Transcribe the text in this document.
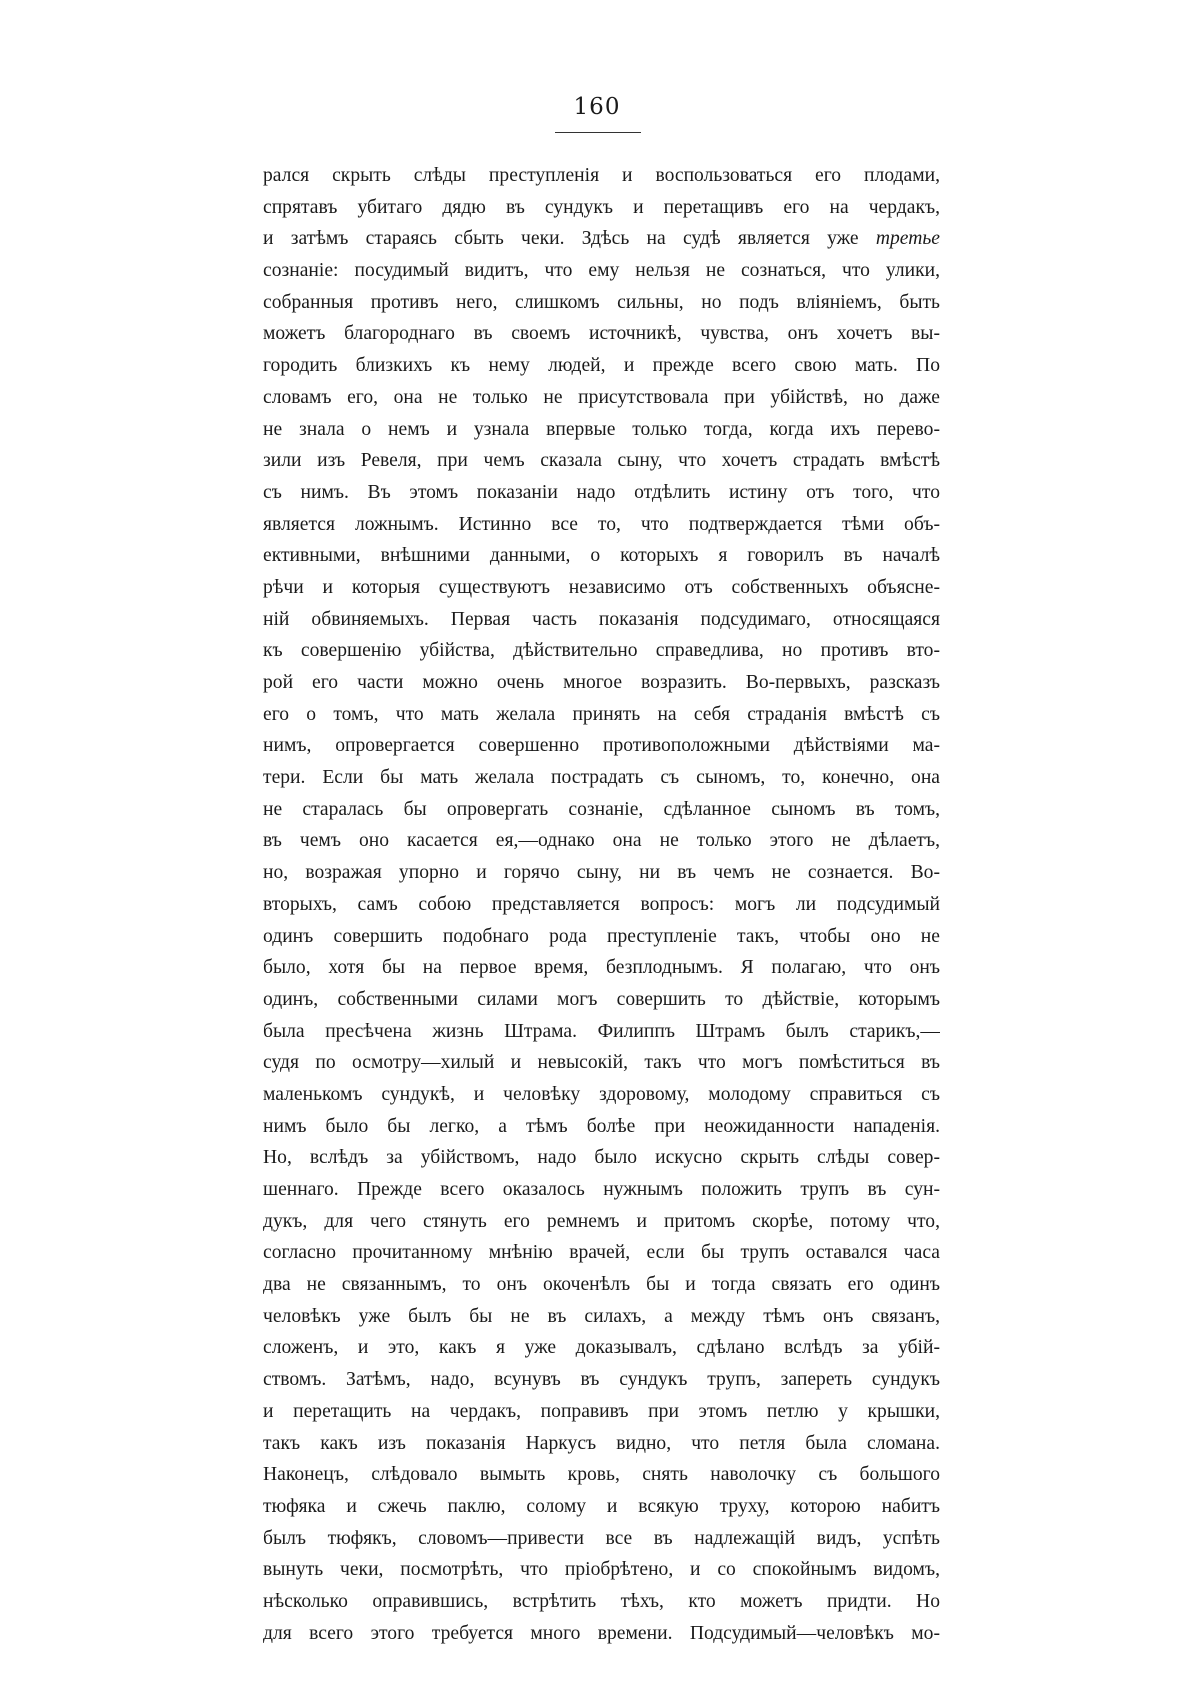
160
рался скрыть слѣды преступленія и воспользоваться его плодами,
спрятавъ убитаго дядю въ сундукъ и перетащивъ его на чердакъ,
и затѣмъ стараясь сбыть чеки. Здѣсь на судѣ является уже третье
сознаніе: посудимый видитъ, что ему нельзя не сознаться, что улики,
собранныя противъ него, слишкомъ сильны, но подъ вліяніемъ, быть
можетъ благороднаго въ своемъ источникѣ, чувства, онъ хочетъ вы-
городить близкихъ къ нему людей, и прежде всего свою мать. По
словамъ его, она не только не присутствовала при убійствѣ, но даже
не знала о немъ и узнала впервые только тогда, когда ихъ перево-
зили изъ Ревеля, при чемъ сказала сыну, что хочетъ страдать вмѣстѣ
съ нимъ. Въ этомъ показаніи надо отдѣлить истину отъ того, что
является ложнымъ. Истинно все то, что подтверждается тѣми объ-
ективными, внѣшними данными, о которыхъ я говорилъ въ началѣ
рѣчи и которыя существуютъ независимо отъ собственныхъ объясне-
ній обвиняемыхъ. Первая часть показанія подсудимаго, относящаяся
къ совершенію убійства, дѣйствительно справедлива, но противъ вто-
рой его части можно очень многое возразить. Во-первыхъ, разсказъ
его о томъ, что мать желала принять на себя страданія вмѣстѣ съ
нимъ, опровергается совершенно противоположными дѣйствіями ма-
тери. Если бы мать желала пострадать съ сыномъ, то, конечно, она
не старалась бы опровергать сознаніе, сдѣланное сыномъ въ томъ,
въ чемъ оно касается ея,—однако она не только этого не дѣлаетъ,
но, возражая упорно и горячо сыну, ни въ чемъ не сознается. Во-
вторыхъ, самъ собою представляется вопросъ: могъ ли подсудимый
одинъ совершить подобнаго рода преступленіе такъ, чтобы оно не
было, хотя бы на первое время, безплоднымъ. Я полагаю, что онъ
одинъ, собственными силами могъ совершить то дѣйствіе, которымъ
была пресѣчена жизнь Штрама. Филиппъ Штрамъ былъ старикъ,—
судя по осмотру—хилый и невысокій, такъ что могъ помѣститься въ
маленькомъ сундукѣ, и человѣку здоровому, молодому справиться съ
нимъ было бы легко, а тѣмъ болѣе при неожиданности нападенія.
Но, вслѣдъ за убійствомъ, надо было искусно скрыть слѣды совер-
шеннаго. Прежде всего оказалось нужнымъ положить трупъ въ сун-
дукъ, для чего стянуть его ремнемъ и притомъ скорѣе, потому что,
согласно прочитанному мнѣнію врачей, если бы трупъ оставался часа
два не связаннымъ, то онъ окоченѣлъ бы и тогда связать его одинъ
человѣкъ уже былъ бы не въ силахъ, а между тѣмъ онъ связанъ,
сложенъ, и это, какъ я уже доказывалъ, сдѣлано вслѣдъ за убій-
ствомъ. Затѣмъ, надо, всунувъ въ сундукъ трупъ, запереть сундукъ
и перетащить на чердакъ, поправивъ при этомъ петлю у крышки,
такъ какъ изъ показанія Наркусъ видно, что петля была сломана.
Наконецъ, слѣдовало вымыть кровь, снять наволочку съ большого
тюфяка и сжечь паклю, солому и всякую труху, которою набитъ
былъ тюфякъ, словомъ—привести все въ надлежащій видъ, успѣть
вынуть чеки, посмотрѣть, что пріобрѣтено, и со спокойнымъ видомъ,
нѣсколько оправившись, встрѣтить тѣхъ, кто можетъ придти. Но
для всего этого требуется много времени. Подсудимый—человѣкъ мо-
